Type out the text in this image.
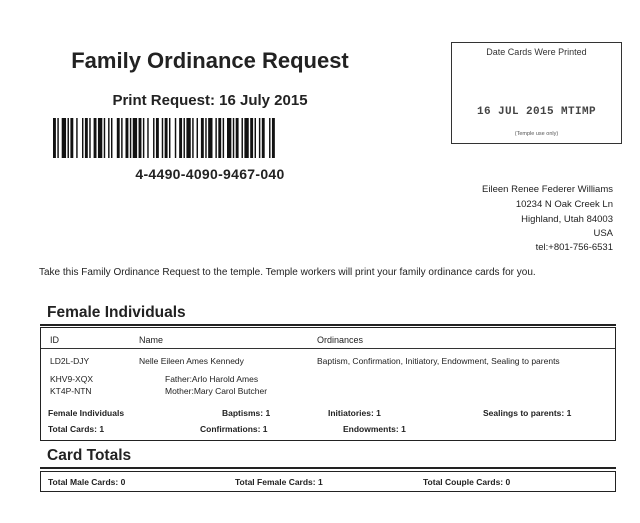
Family Ordinance Request
Print Request: 16 July 2015
4-4490-4090-9467-040
Date Cards Were Printed
16 JUL 2015 MTIMP
(Temple use only)
Eileen Renee Federer Williams
10234 N Oak Creek Ln
Highland, Utah 84003
USA
tel:+801-756-6531
Take this Family Ordinance Request to the temple. Temple workers will print your family ordinance cards for you.
Female Individuals
ID	Name	Ordinances
LD2L-DJY	Nelle Eileen Ames Kennedy	Baptism, Confirmation, Initiatory, Endowment, Sealing to parents
KHV9-XQX	Father:Arlo Harold Ames
KT4P-NTN	Mother:Mary Carol Butcher
Female Individuals	Baptisms: 1	Initiatories: 1	Sealings to parents: 1
Total Cards: 1	Confirmations: 1	Endowments: 1
Card Totals
Total Male Cards: 0	Total Female Cards: 1	Total Couple Cards: 0
